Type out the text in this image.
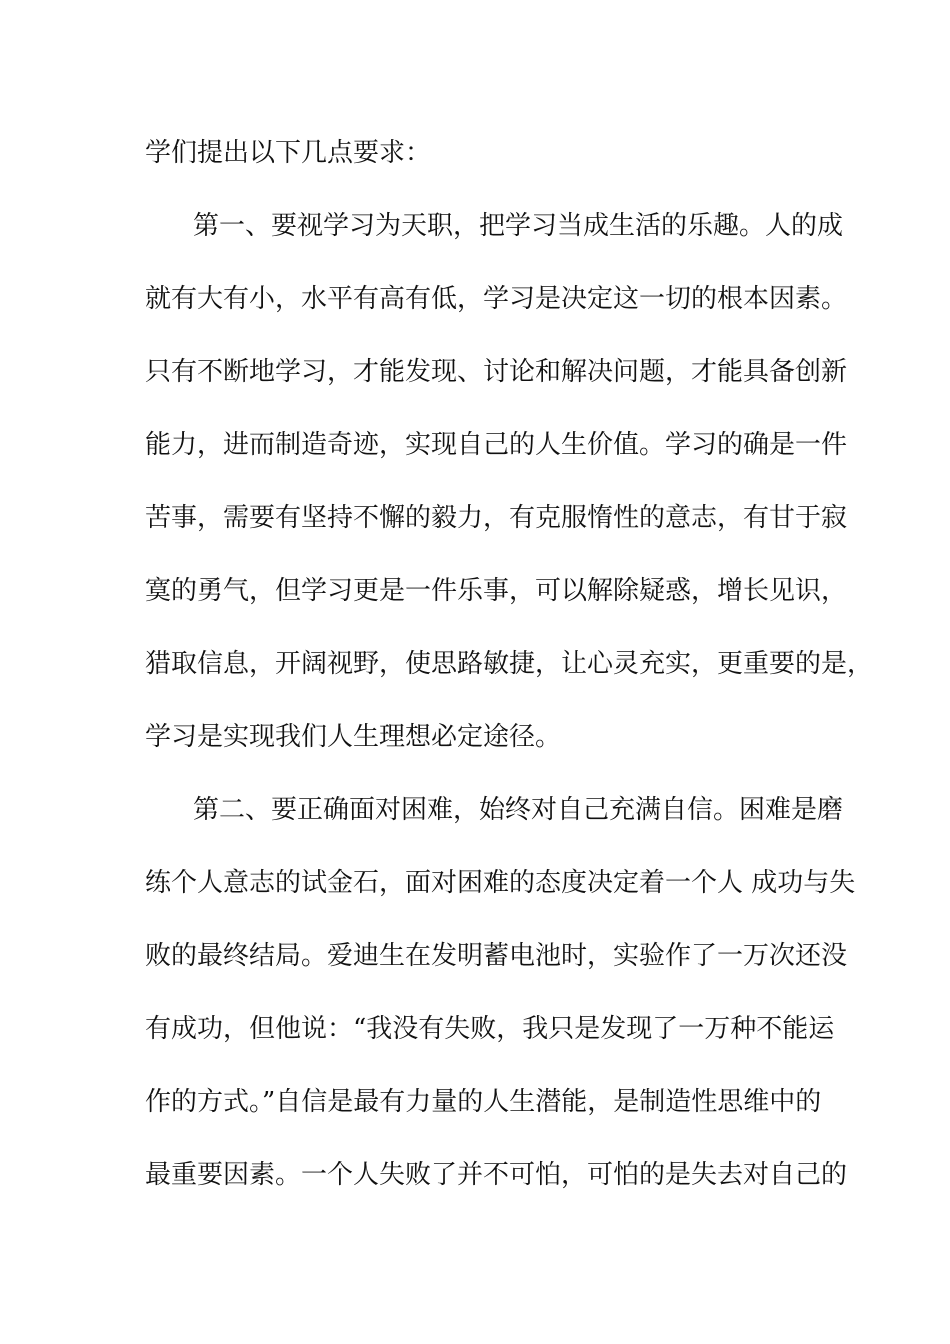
学们提出以下几点要求：
第一、要视学习为天职，把学习当成生活的乐趣。人的成
就有大有小，水平有高有低，学习是决定这一切的根本因素。
只有不断地学习，才能发现、讨论和解决问题，才能具备创新
能力，进而制造奇迹，实现自己的人生价值。学习的确是一件
苦事，需要有坚持不懈的毅力，有克服惰性的意志，有甘于寂
寞的勇气，但学习更是一件乐事，可以解除疑惑，增长见识，
猎取信息，开阔视野，使思路敏捷，让心灵充实，更重要的是，
学习是实现我们人生理想必定途径。
第二、要正确面对困难，始终对自己充满自信。困难是磨
练个人意志的试金石，面对困难的态度决定着一个人 成功与失
败的最终结局。爱迪生在发明蓄电池时，实验作了一万次还没
有成功，但他说：“我没有失败，我只是发现了一万种不能运
作的方式。”自信是最有力量的人生潜能，是制造性思维中的
最重要因素。一个人失败了并不可怕，可怕的是失去对自己的
